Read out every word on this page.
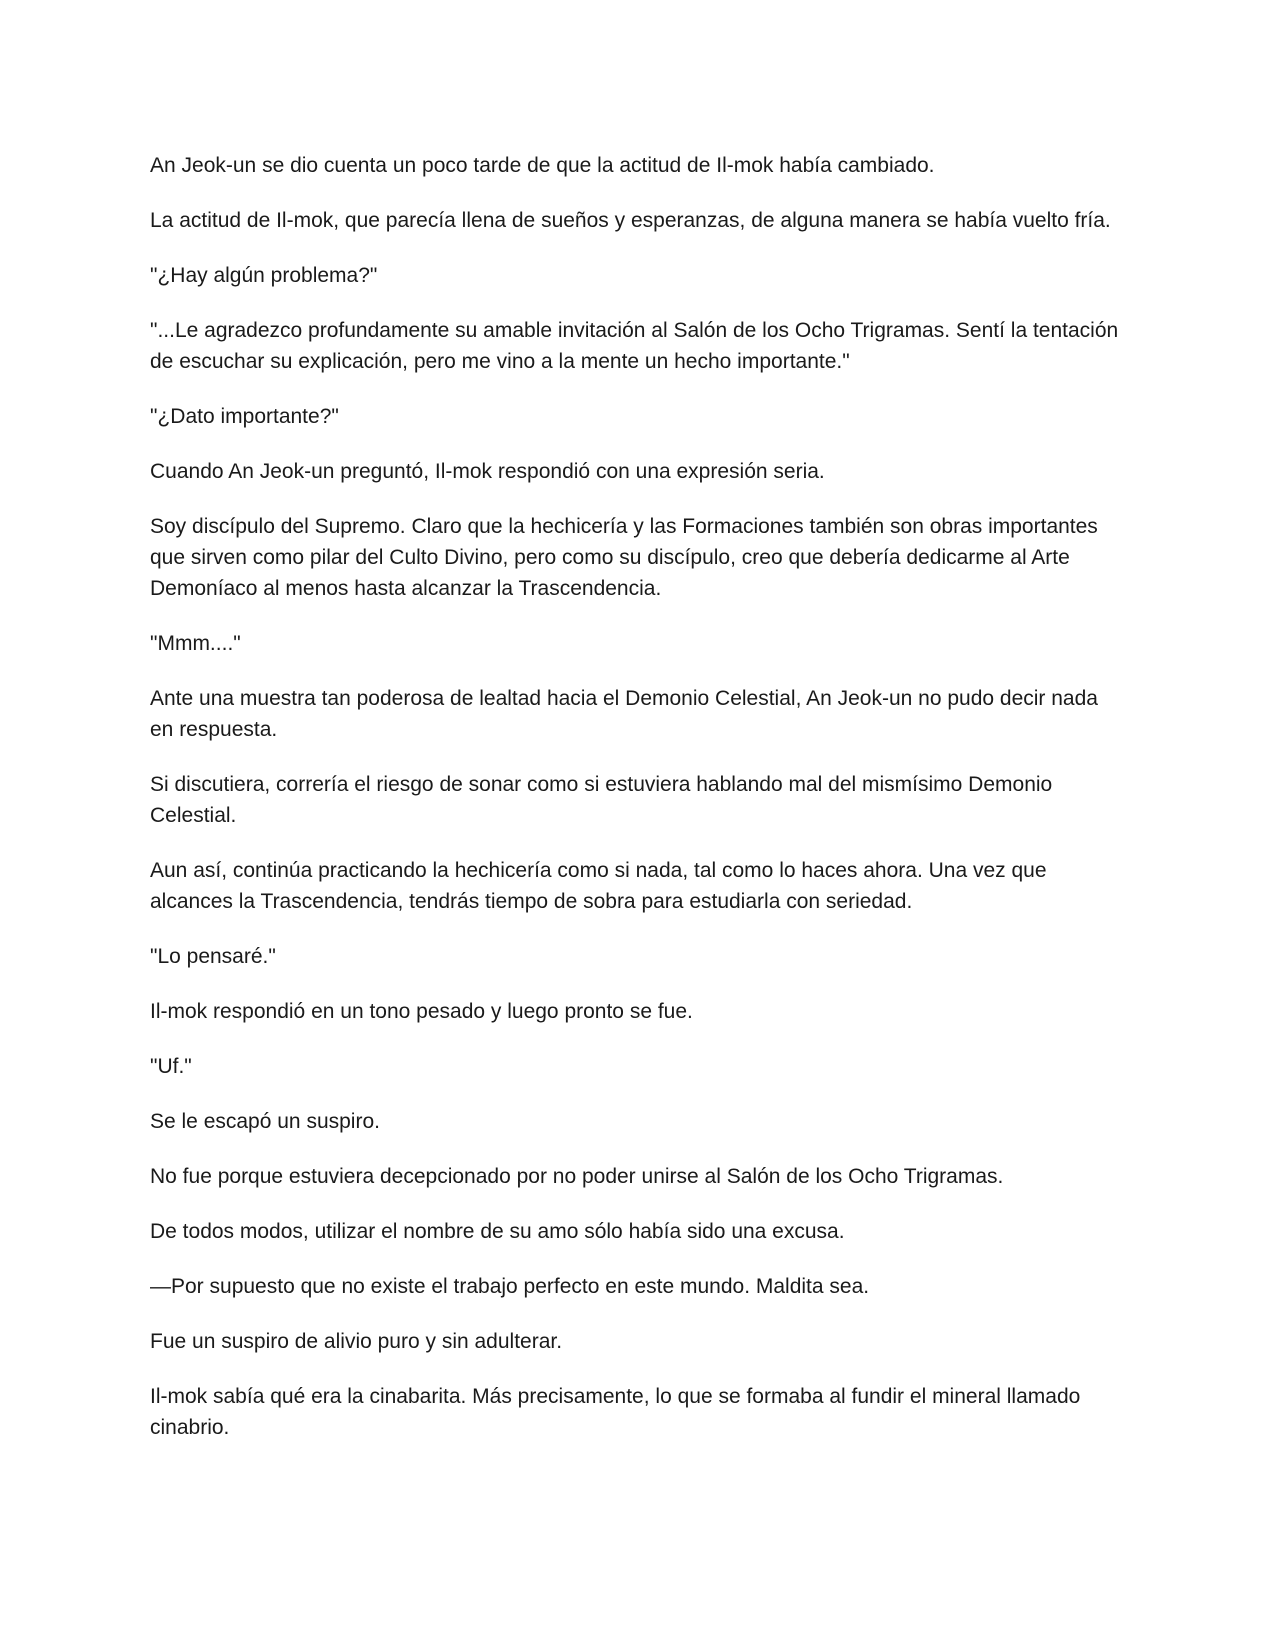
An Jeok-un se dio cuenta un poco tarde de que la actitud de Il-mok había cambiado.

La actitud de Il-mok, que parecía llena de sueños y esperanzas, de alguna manera se había vuelto fría.

"¿Hay algún problema?"

"...Le agradezco profundamente su amable invitación al Salón de los Ocho Trigramas. Sentí la tentación de escuchar su explicación, pero me vino a la mente un hecho importante."

"¿Dato importante?"

Cuando An Jeok-un preguntó, Il-mok respondió con una expresión seria.

Soy discípulo del Supremo. Claro que la hechicería y las Formaciones también son obras importantes que sirven como pilar del Culto Divino, pero como su discípulo, creo que debería dedicarme al Arte Demoníaco al menos hasta alcanzar la Trascendencia.

"Mmm...."

Ante una muestra tan poderosa de lealtad hacia el Demonio Celestial, An Jeok-un no pudo decir nada en respuesta.

Si discutiera, correría el riesgo de sonar como si estuviera hablando mal del mismísimo Demonio Celestial.

Aun así, continúa practicando la hechicería como si nada, tal como lo haces ahora. Una vez que alcances la Trascendencia, tendrás tiempo de sobra para estudiarla con seriedad.

"Lo pensaré."

Il-mok respondió en un tono pesado y luego pronto se fue.

"Uf."

Se le escapó un suspiro.

No fue porque estuviera decepcionado por no poder unirse al Salón de los Ocho Trigramas.

De todos modos, utilizar el nombre de su amo sólo había sido una excusa.

—Por supuesto que no existe el trabajo perfecto en este mundo. Maldita sea.

Fue un suspiro de alivio puro y sin adulterar.

Il-mok sabía qué era la cinabarita. Más precisamente, lo que se formaba al fundir el mineral llamado cinabrio.
